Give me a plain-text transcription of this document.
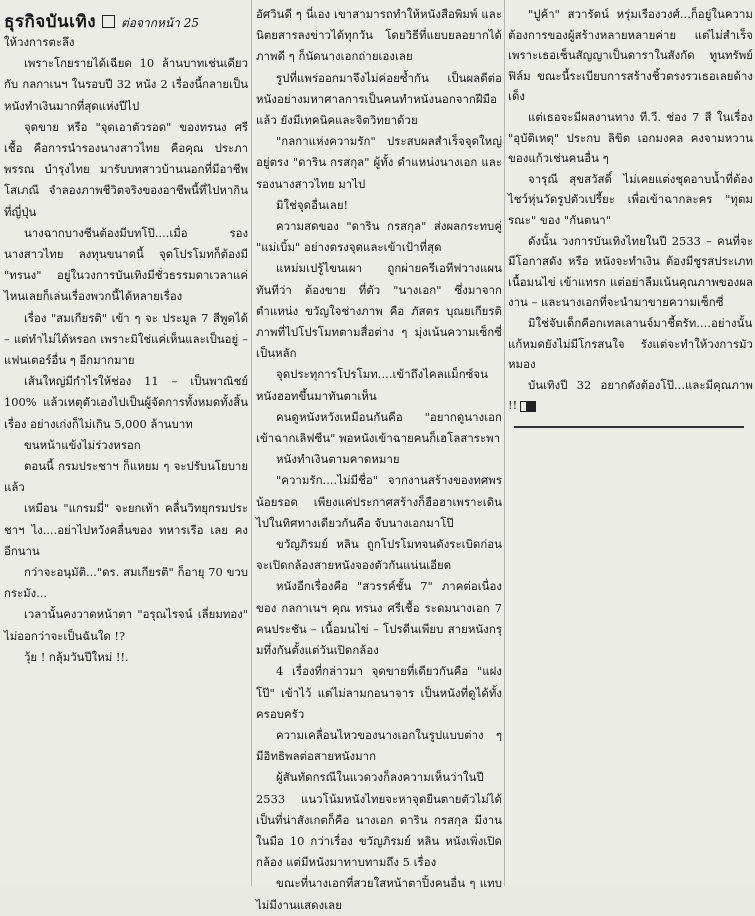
ธุรกิจบันเทิง ต่อจากหน้า 25

ให้วงการตะลึง

เพราะโกยรายได้เฉียด 10 ล้านบาทเช่นเดียวกับ กลกาเนฯ ในรอบปี 32 หนัง 2 เรื่องนี้กลายเป็นหนังทำเงินมากที่สุดแห่งปีไป

จุดขาย หรือ "จุดเอาตัวรอด" ของทรนง ศรีเชื้อ คือการนำรองนางสาวไทย คือคุณ ประภาพรรณ บำรุงไทย มารับบทสาวบ้านนอกที่มีอาชีพโสเภณี จำลองภาพชีวิตจริงของอาชีพนี้ที่ไปหากินที่ญี่ปุ่น

นางฉากบางซีนต้องมีบทโป๊....เมื่อ รองนางสาวไทย ลงทุนขนาดนี้ จุดโปรโมทก็ต้องมี "ทรนง" อยู่ในวงการบันเทิงมีชั่วธรรมดาเวลาแค่ไหนเลยก็เล่นเรื่องพวกนี้ได้หลายเรื่อง

เรื่อง "สมเกียรติ" เข้า ๆ จะ ประมูล 7 สีพูดได้ – แต่ทำไม่ได้หรอก เพราะมิใช่แค่เห็นและเป็นอยู่ – แฟนเตอร์อื่น ๆ อีกมากมาย

เส้นใหญ่มีกำไรให้ช่อง 11 – เป็นพาณิชย์ 100% แล้วเหตุตัวเองไปเป็นผู้จัดการทั้งหมดทั้งสิ้นเรื่อง อย่างเก่งก็ไม่เกิน 5,000 ล้านบาท

ขนหน้าแข้งไม่ร่วงหรอก

ตอนนี้ กรมประชาฯ ก็แหยม ๆ จะปรับนโยบายแล้ว

เหมือน "แกรมมี่" จะยกเท้า คลื่นวิทยุกรมประชาฯ ไง....อย่าไปหวังคลื่นของ ทหารเรือ เลย คงอีกนาน

กว่าจะอนุมัติ..."ดร. สมเกียรติ" ก็อายุ 70 ขวบกระมัง...

เวลานั้นคงวาดหน้าตา "อรุณไรจน์ เลี่ยมทอง" ไม่ออกว่าจะเป็นฉันใด !?

วุ้ย ! กลุ้มวันปีใหม่ !!.

อัศวินดี ๆ นี่เอง เขาสามารถทำให้หนังสือพิมพ์ และนิตยสารลงข่าวได้ทุกวัน โดยวิธีที่แยบยลอยากได้ภาพดี ๆ ก็นัดนางเอกถ่ายเองเลย

รูปที่แพร่ออกมาจึงไม่ค่อยซ้ำกัน เป็นผลดีต่อหนังอย่างมหาศาลการเป็นคนทำหนังนอกจากฝีมือแล้ว ยังมีเทคนิคและจิตวิทยาด้วย

"กลกาแห่งความรัก" ประสบผลสำเร็จจุดใหญ่อยู่ตรง "ดาริน กรสกุล" ผู้ทั้ง ดำแหน่งนางเอก และ รองนางสาวไทย มาไป

มิใช่จุดอื่นเลย!

ความสดของ "ดาริน กรสกุล" ส่งผลกระทบคู่ "แม่เบิ้ม" อย่างตรงจุดและเข้าเป้าที่สุด

แหม่มเปรู้ไขนเผา ถูกผ่ายครีเอทีฟวางแผนทันทีว่า ต้องขาย ที่ตัว "นางเอก" ซึ่งมาจากตำแหน่ง ขวัญใจช่างภาพ คือ ภัสตร บุณยเกียรติ ภาพที่ไปโปรโมทตามสื่อต่าง ๆ มุ่งเน้นความเซ็กซี่เป็นหลัก

จุดประทุการโปรโมท....เข้าถึงไคลแม็กซ์จนหนังฮอทขึ้นมาทันตาเห็น

คนดูหนังหวังเหมือนกันคือ "อยากดูนางเอกเข้าฉากเลิฟซีน" พอหนังเข้าฉายคนก็เฮโลสาระพา

หนังทำเงินตามคาดหมาย

"ความรัก....ไม่มีชื่อ" จากงานสร้างของทศพร น้อยรอด เพียงแค่ประกาศสร้างก็ฮือฮาเพราะเดินไปในทิศทางเดียวกันคือ จับนางเอกมาโป๊

ขวัญภิรมย์ หลิน ถูกโปรโมทจนดังระเบิดก่อนจะเปิดกล้องสายหนังจองตัวกันแน่นเอียด

หนังอีกเรื่องคือ "สวรรค์ชั้น 7" ภาคต่อเนื่องของ กลกาเนฯ คุณ ทรนง ศรีเชื้อ ระดมนางเอก 7 คนประชัน – เนื้อมนไข่ – โปรดีนเพียบ สายหนังกรุมทึ่งกันตั้งแต่วันเปิดกล้อง

4 เรื่องที่กล่าวมา จุดขายที่เดียวกันคือ "แฝงโป๊" เข้าไว้ แต่ไม่ลามกอนาจาร เป็นหนังที่ดูได้ทั้งครอบครัว

ความเคลื่อนไหวของนางเอกในรูปแบบต่าง ๆ มีอิทธิพลต่อสายหนังมาก

ผู้สันทัดกรณีในแวดวงก็ลงความเห็นว่าในปี 2533 แนวโน้มหนังไทยจะหาจุดยืนตายตัวไม่ได้ เป็นที่น่าสังเกตก็คือ นางเอก ดาริน กรสกุล มีงานในมือ 10 กว่าเรื่อง ขวัญภิรมย์ หลิน หนังเพิ่งเปิดกล้อง แต่มีหนังมาทาบทามถึง 5 เรื่อง

ขณะที่นางเอกที่สวยใสหน้าตาปิ้งคนอื่น ๆ แทบไม่มีงานแสดงเลย

"ปูค้า" สวารัตน์ หรุ่มเรืองวงศ์...ก็อยู่ในความต้องการของผู้สร้างหลายหลายค่าย แต่ไม่สำเร็จ เพราะเธอเซ็นสัญญาเป็นดาราในสังกัด ทูนทรัพย์ ฟิล์ม ขณะนี้ระเบียบการสร้างชิ้วตรงรวเธอเลยด้างเด็ง

แต่เธอจะมีผลงานทาง ที.วี. ช่อง 7 สี ในเรื่อง "อุบัติเหตุ" ประกบ ลิขิต เอกมงคล คงจามหวานของแก้วเช่นคนอื่น ๆ

จารุณี สุขสวัสดิ์ ไม่เคยแต่งชุดอาบน้ำที่ต้องไชว์หุ่นวัดรูปตัวเปรี้ยะ เพื่อเข้าฉากละคร "ทุตมรณะ" ของ "กันตนา"

ดังนั้น วงการบันเทิงไทยในปี 2533 – คนที่จะมีโอกาสดัง หรือ หนังจะทำเงิน ต้องมีชูรสประเภทเนื้อมนไข่ เข้าแทรก แต่อย่าลืมเน้นคุณภาพของผลงาน – และนางเอกที่จะนำมาขายความเซ็กซี่

มิใช่จับเด็กคือกเทลเลานจ์มาชี้ตรัท....อย่างนั้นแก้หมดยังไม่มีโกรสนใจ รังแต่จะทำให้วงการมัวหมอง

บันเทิงปี 32 อยากดังต้องโป๊...และมีคุณภาพ !!
